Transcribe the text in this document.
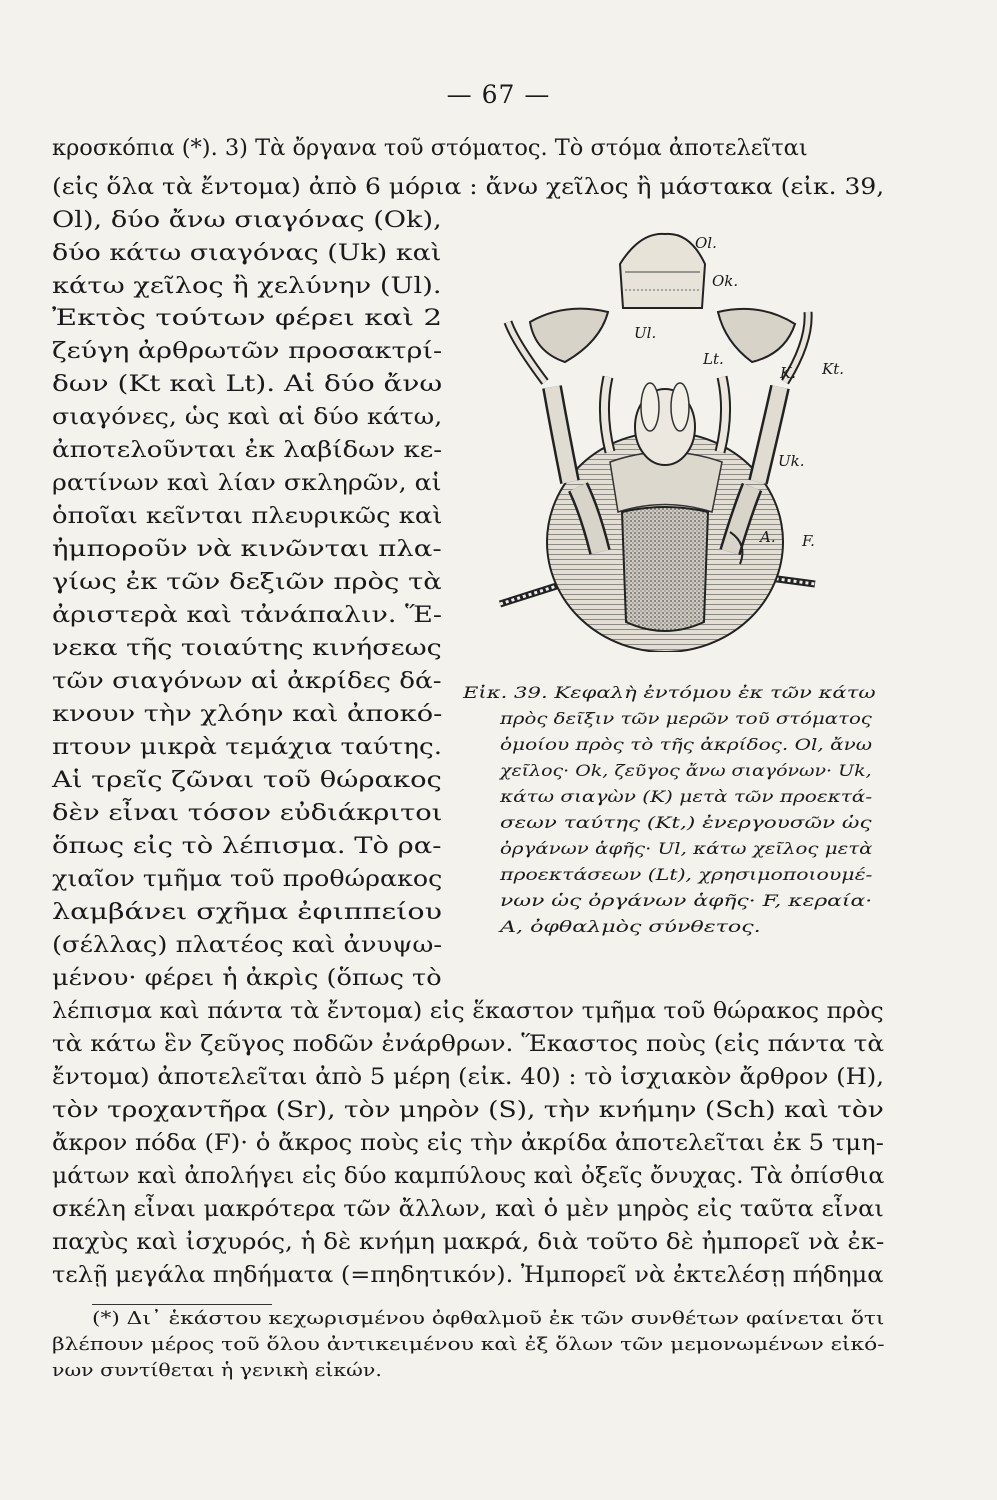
— 67 —
κροσκόπια (*). 3) Τὰ ὄργανα τοῦ στόματος. Τὸ στόμα ἀποτελεῖται
(εἰς ὅλα τὰ ἔντομα) ἀπὸ 6 μόρια : ἄνω χεῖλος ἢ μάστακα (εἰκ. 39,
Ol), δύο ἄνω σιαγόνας (Ok),
δύο κάτω σιαγόνας (Uk) καὶ
κάτω χεῖλος ἢ χελύνην (Ul).
Ἐκτὸς τούτων φέρει καὶ 2
ζεύγη ἀρθρωτῶν προσακτρί-
δων (Kt καὶ Lt). Αἱ δύο ἄνω
σιαγόνες, ὡς καὶ αἱ δύο κάτω,
ἀποτελοῦνται ἐκ λαβίδων κε-
ρατίνων καὶ λίαν σκληρῶν, αἱ
ὁποῖαι κεῖνται πλευρικῶς καὶ
ἠμποροῦν νὰ κινῶνται πλα-
γίως ἐκ τῶν δεξιῶν πρὸς τὰ
ἀριστερὰ καὶ τἀνάπαλιν. Ἕ-
νεκα τῆς τοιαύτης κινήσεως
τῶν σιαγόνων αἱ ἀκρίδες δά-
κνουν τὴν χλόην καὶ ἀποκό-
πτουν μικρὰ τεμάχια ταύτης.
Αἱ τρεῖς ζῶναι τοῦ θώρακος
δὲν εἶναι τόσον εὐδιάκριτοι
ὅπως εἰς τὸ λέπισμα. Τὸ ρα-
χιαῖον τμῆμα τοῦ προθώρακος
λαμβάνει σχῆμα ἐφιππείου
(σέλλας) πλατέος καὶ ἀνυψω-
μένου· φέρει ἡ ἀκρὶς (ὅπως τὸ
Ol.
Ok.
Ul.
Lt.
K. Kt.
Uk.
A. F.
Εἰκ. 39. Κεφαλὴ ἐντόμου ἐκ τῶν κάτω
πρὸς δεῖξιν τῶν μερῶν τοῦ στόματος
ὁμοίου πρὸς τὸ τῆς ἀκρίδος. Ol, ἄνω
χεῖλος· Ok, ζεῦγος ἄνω σιαγόνων· Uk,
κάτω σιαγὼν (K) μετὰ τῶν προεκτά-
σεων ταύτης (Kt,) ἐνεργουσῶν ὡς
ὀργάνων ἁφῆς· Ul, κάτω χεῖλος μετὰ
προεκτάσεων (Lt), χρησιμοποιουμέ-
νων ὡς ὀργάνων ἁφῆς· F, κεραία·
A, ὀφθαλμὸς σύνθετος.
λέπισμα καὶ πάντα τὰ ἔντομα) εἰς ἕκαστον τμῆμα τοῦ θώρακος πρὸς
τὰ κάτω ἓν ζεῦγος ποδῶν ἐνάρθρων. Ἕκαστος ποὺς (εἰς πάντα τὰ
ἔντομα) ἀποτελεῖται ἀπὸ 5 μέρη (εἰκ. 40) : τὸ ἰσχιακὸν ἄρθρον (H),
τὸν τροχαντῆρα (Sr), τὸν μηρὸν (S), τὴν κνήμην (Sch) καὶ τὸν
ἄκρον πόδα (F)· ὁ ἄκρος ποὺς εἰς τὴν ἀκρίδα ἀποτελεῖται ἐκ 5 τμη-
μάτων καὶ ἀπολήγει εἰς δύο καμπύλους καὶ ὀξεῖς ὄνυχας. Τὰ ὀπίσθια
σκέλη εἶναι μακρότερα τῶν ἄλλων, καὶ ὁ μὲν μηρὸς εἰς ταῦτα εἶναι
παχὺς καὶ ἰσχυρός, ἡ δὲ κνήμη μακρά, διὰ τοῦτο δὲ ἠμπορεῖ νὰ ἐκ-
τελῇ μεγάλα πηδήματα (=πηδητικόν). Ἠμπορεῖ νὰ ἐκτελέσῃ πήδημα
(*) Δι᾽ ἑκάστου κεχωρισμένου ὀφθαλμοῦ ἐκ τῶν συνθέτων φαίνεται ὅτι
βλέπουν μέρος τοῦ ὅλου ἀντικειμένου καὶ ἐξ ὅλων τῶν μεμονωμένων εἰκό-
νων συντίθεται ἡ γενικὴ εἰκών.
